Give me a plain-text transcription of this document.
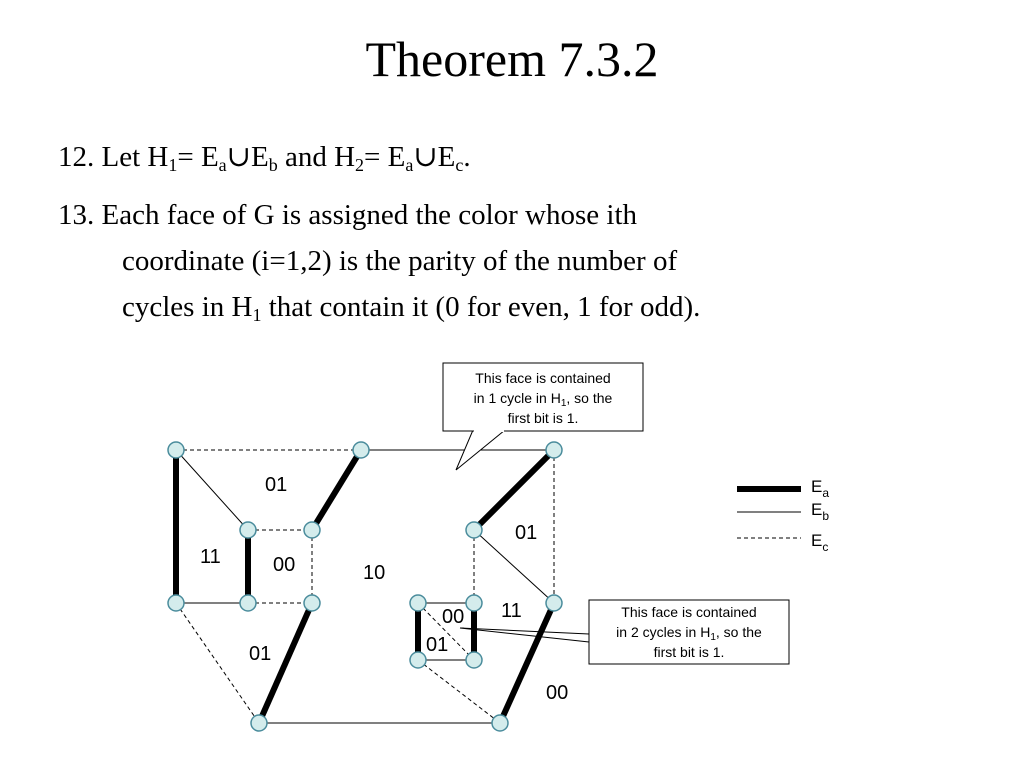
Theorem 7.3.2
12. Let $H_1=$ $E_a\cup E_b$ and $H_2=$ $E_a\cup E_c$.
13. Each face of G is assigned the color whose ith
coordinate (i=1,2) is the parity of the number of
cycles in $H_1$ that contain it (0 for even, 1 for odd).
01
11	00	10
01
11
00
01
01
00
This face is contained
in 1 cycle in $H_1$, so the
first bit is 1.
This face is contained
in 2 cycles in $H_1$, so the
first bit is 1.
$E_a$
$E_b$
$E_c$
